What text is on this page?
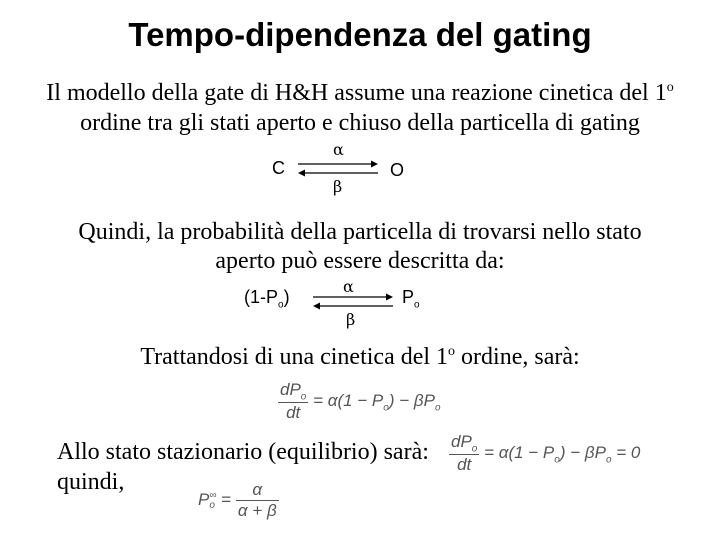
Tempo-dipendenza del gating
Il modello della gate di H&H assume una reazione cinetica del 1$^o$
ordine tra gli stati aperto e chiuso della particella di gating
C
α
β
O
Quindi, la probabilità della particella di trovarsi nello stato
aperto può essere descritta da:
$(1-P_o)$
α
β
$P_o$
Trattandosi di una cinetica del 1$^o$ ordine, sarà:
$\frac{dP_o}{dt} = \alpha(1 - P_o) - \beta P_o$
Allo stato stazionario (equilibrio) sarà: $\frac{dP_o}{dt} = \alpha(1 - P_o) - \beta P_o = 0$
quindi,
P ∞
$o = \frac{\alpha}{\alpha + \beta}$
